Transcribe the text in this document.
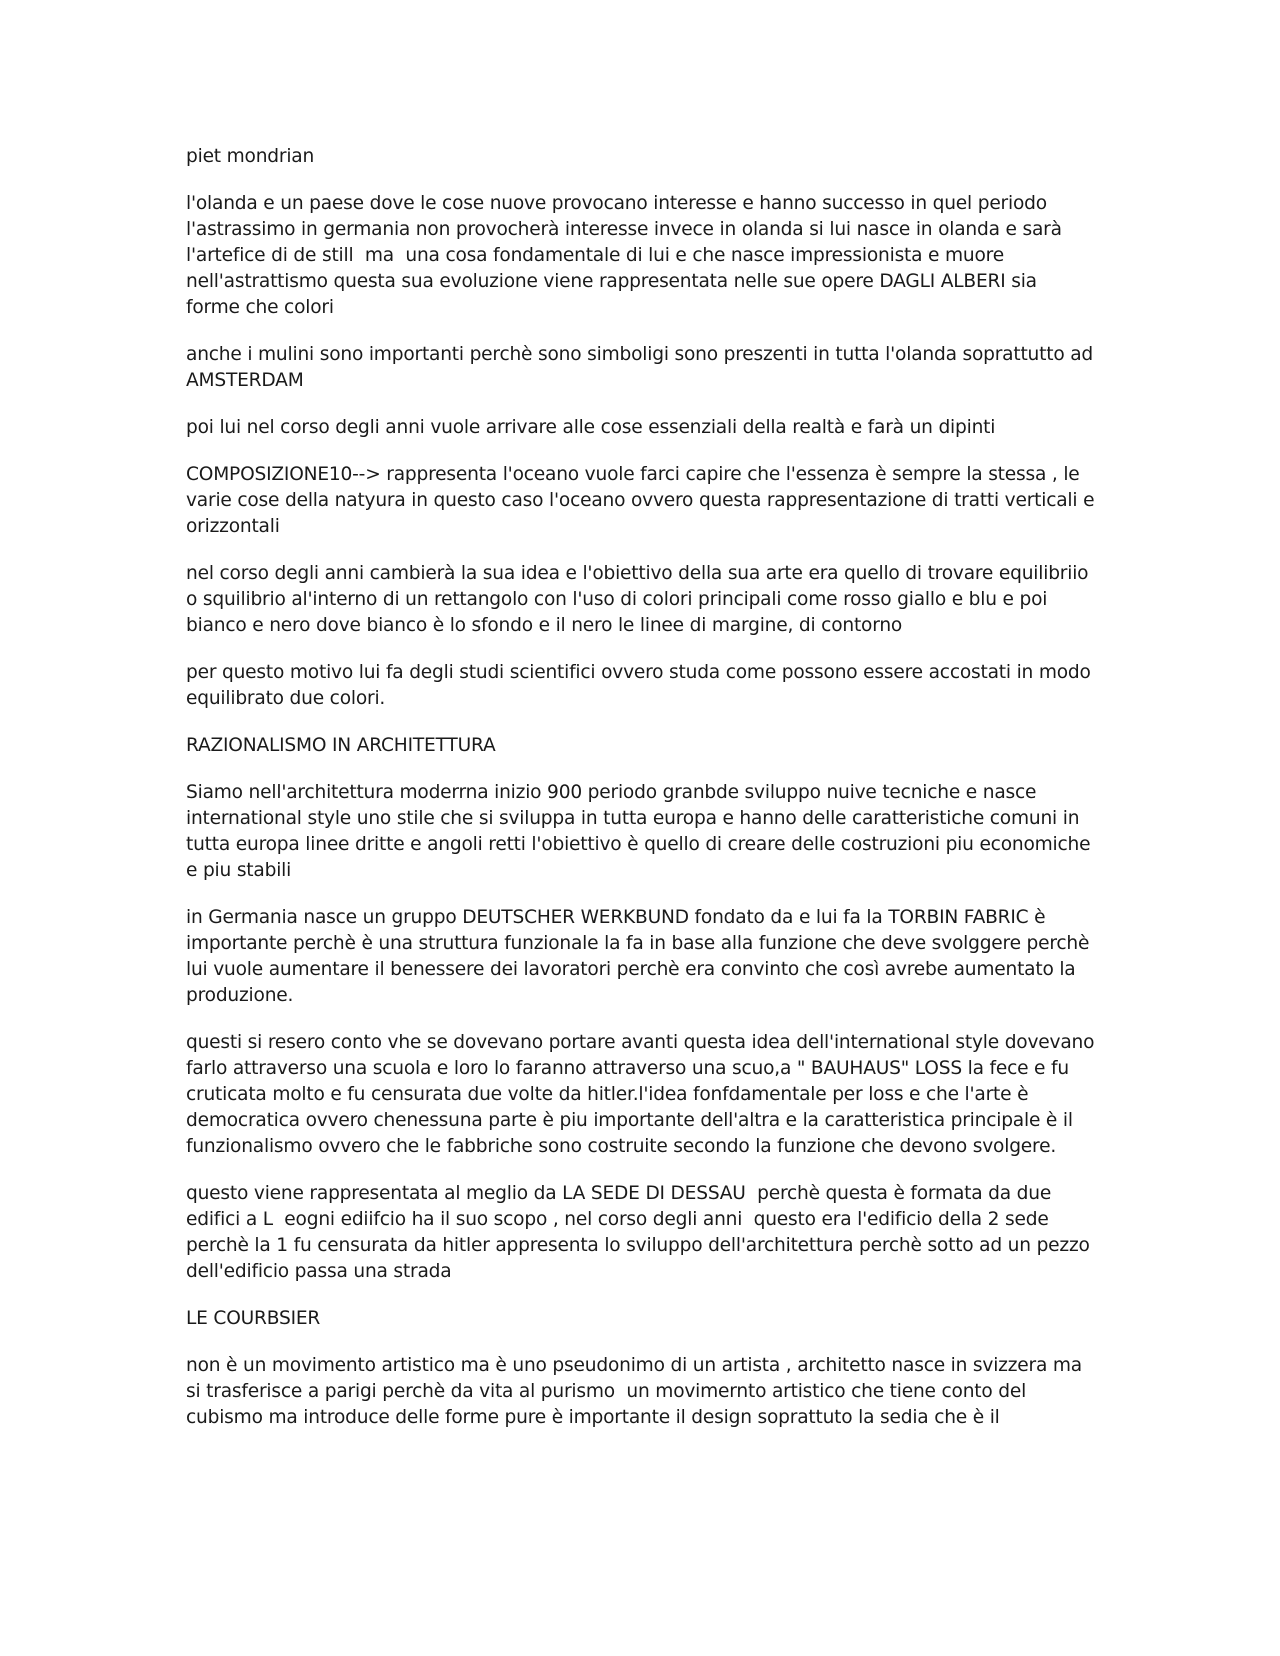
piet mondrian

l'olanda e un paese dove le cose nuove provocano interesse e hanno successo in quel periodo l'astrassimo in germania non provocherà interesse invece in olanda si lui nasce in olanda e sarà l'artefice di de still  ma  una cosa fondamentale di lui e che nasce impressionista e muore nell'astrattismo questa sua evoluzione viene rappresentata nelle sue opere DAGLI ALBERI sia forme che colori

anche i mulini sono importanti perchè sono simboligi sono preszenti in tutta l'olanda soprattutto ad AMSTERDAM

poi lui nel corso degli anni vuole arrivare alle cose essenziali della realtà e farà un dipinti

COMPOSIZIONE10--> rappresenta l'oceano vuole farci capire che l'essenza è sempre la stessa , le varie cose della natyura in questo caso l'oceano ovvero questa rappresentazione di tratti verticali e orizzontali

nel corso degli anni cambierà la sua idea e l'obiettivo della sua arte era quello di trovare equilibriio o squilibrio al'interno di un rettangolo con l'uso di colori principali come rosso giallo e blu e poi bianco e nero dove bianco è lo sfondo e il nero le linee di margine, di contorno

per questo motivo lui fa degli studi scientifici ovvero studa come possono essere accostati in modo equilibrato due colori.

RAZIONALISMO IN ARCHITETTURA

Siamo nell'architettura moderrna inizio 900 periodo granbde sviluppo nuive tecniche e nasce international style uno stile che si sviluppa in tutta europa e hanno delle caratteristiche comuni in tutta europa linee dritte e angoli retti l'obiettivo è quello di creare delle costruzioni piu economiche e piu stabili

in Germania nasce un gruppo DEUTSCHER WERKBUND fondato da e lui fa la TORBIN FABRIC è importante perchè è una struttura funzionale la fa in base alla funzione che deve svolggere perchè lui vuole aumentare il benessere dei lavoratori perchè era convinto che così avrebe aumentato la produzione.

questi si resero conto vhe se dovevano portare avanti questa idea dell'international style dovevano farlo attraverso una scuola e loro lo faranno attraverso una scuo,a " BAUHAUS" LOSS la fece e fu cruticata molto e fu censurata due volte da hitler.l'idea fonfdamentale per loss e che l'arte è democratica ovvero chenessuna parte è piu importante dell'altra e la caratteristica principale è il funzionalismo ovvero che le fabbriche sono costruite secondo la funzione che devono svolgere.

questo viene rappresentata al meglio da LA SEDE DI DESSAU  perchè questa è formata da due edifici a L  eogni ediifcio ha il suo scopo , nel corso degli anni  questo era l'edificio della 2 sede perchè la 1 fu censurata da hitler appresenta lo sviluppo dell'architettura perchè sotto ad un pezzo dell'edificio passa una strada

LE COURBSIER

non è un movimento artistico ma è uno pseudonimo di un artista , architetto nasce in svizzera ma si trasferisce a parigi perchè da vita al purismo  un movimernto artistico che tiene conto del cubismo ma introduce delle forme pure è importante il design soprattuto la sedia che è il
